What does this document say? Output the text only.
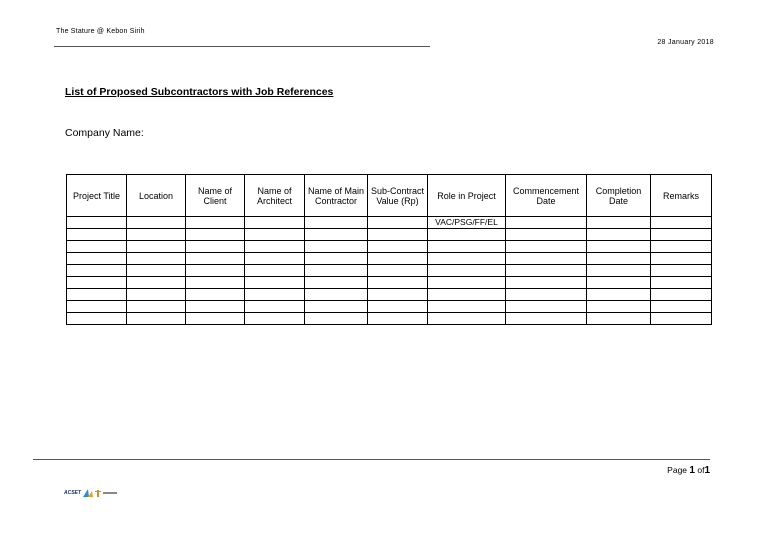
The Stature @ Kebon Sirih
28 January 2018
List of Proposed Subcontractors with Job References
Company Name:
Project Title	Location	Name of Client	Name of Architect	Name of Main Contractor	Sub-Contract Value (Rp)	Role in Project	Commencement Date	Completion Date	Remarks
						VAC/PSG/FF/EL			

Page 1 of1
ACSET
